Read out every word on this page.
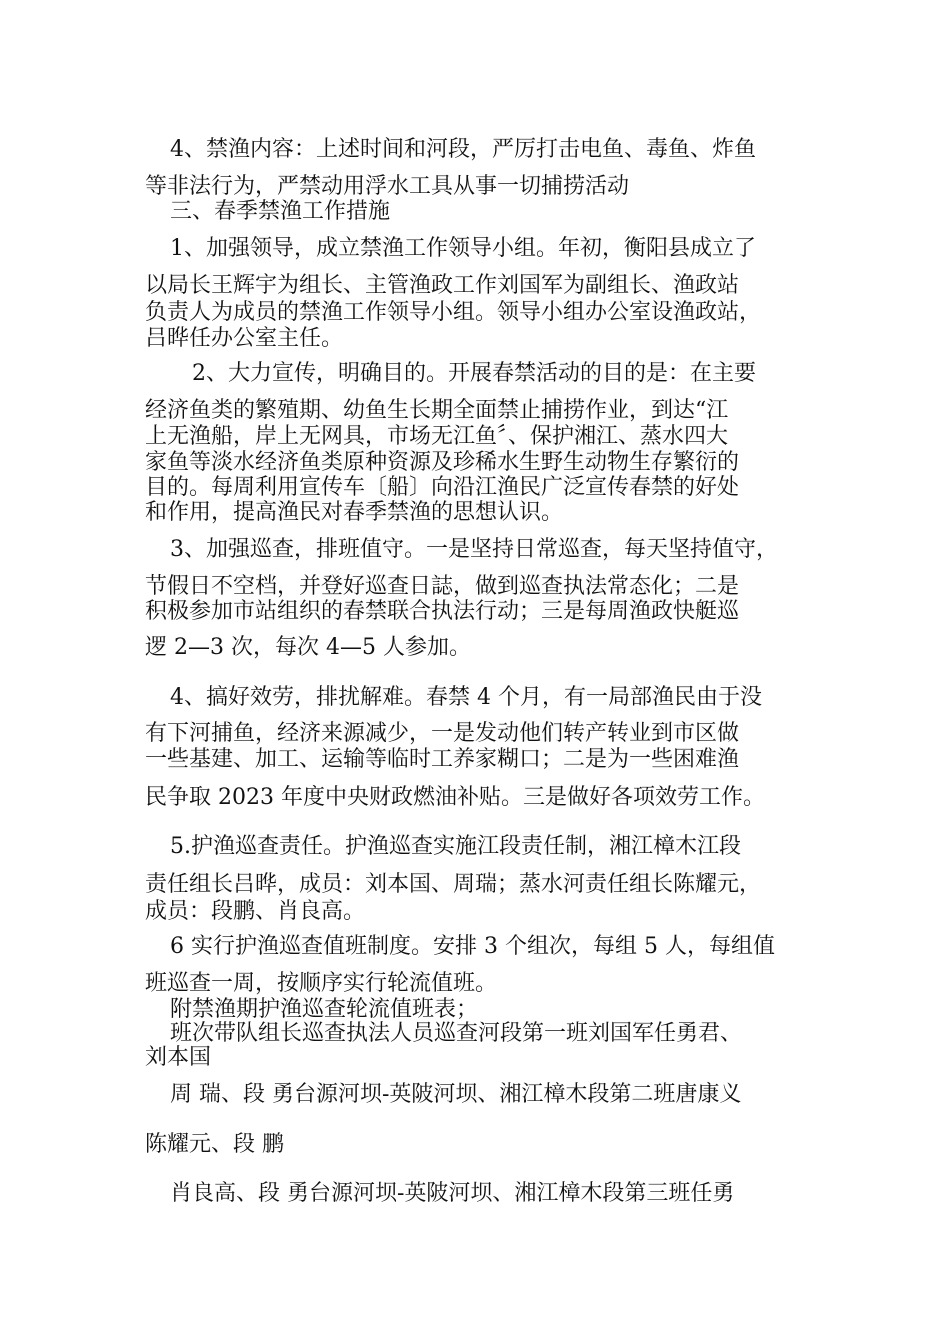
4、禁渔内容：上述时间和河段，严厉打击电鱼、毒鱼、炸鱼
等非法行为，严禁动用浮水工具从事一切捕捞活动
三、春季禁渔工作措施
1、加强领导，成立禁渔工作领导小组。年初，衡阳县成立了
以局长王辉宇为组长、主管渔政工作刘国军为副组长、渔政站
负责人为成员的禁渔工作领导小组。领导小组办公室设渔政站，
吕晔任办公室主任。
2、大力宣传，明确目的。开展春禁活动的目的是：在主要
经济鱼类的繁殖期、幼鱼生长期全面禁止捕捞作业，到达“江
上无渔船，岸上无网具，市场无江鱼〞、保护湘江、蒸水四大
家鱼等淡水经济鱼类原种资源及珍稀水生野生动物生存繁衍的
目的。每周利用宣传车〔船〕向沿江渔民广泛宣传春禁的好处
和作用，提高渔民对春季禁渔的思想认识。
3、加强巡查，排班值守。一是坚持日常巡查，每天坚持值守，
节假日不空档，并登好巡查日誌，做到巡查执法常态化；二是
积极参加市站组织的春禁联合执法行动；三是每周渔政快艇巡
逻 2—3 次，每次 4—5 人参加。
4、搞好效劳，排扰解难。春禁 4 个月，有一局部渔民由于没
有下河捕鱼，经济来源减少，一是发动他们转产转业到市区做
一些基建、加工、运输等临时工养家糊口；二是为一些困难渔
民争取 2023 年度中央财政燃油补贴。三是做好各项效劳工作。
5.护渔巡查责任。护渔巡查实施江段责任制，湘江樟木江段
责任组长吕晔，成员：刘本国、周瑞；蒸水河责任组长陈耀元，
成员：段鹏、肖良高。
6 实行护渔巡查值班制度。安排 3 个组次，每组 5 人，每组值
班巡查一周，按顺序实行轮流值班。
附禁渔期护渔巡查轮流值班表；
班次带队组长巡查执法人员巡查河段第一班刘国军任勇君、
刘本国
周 瑞、段 勇台源河坝-英陂河坝、湘江樟木段第二班唐康义
陈耀元、段 鹏
肖良高、段 勇台源河坝-英陂河坝、湘江樟木段第三班任勇
